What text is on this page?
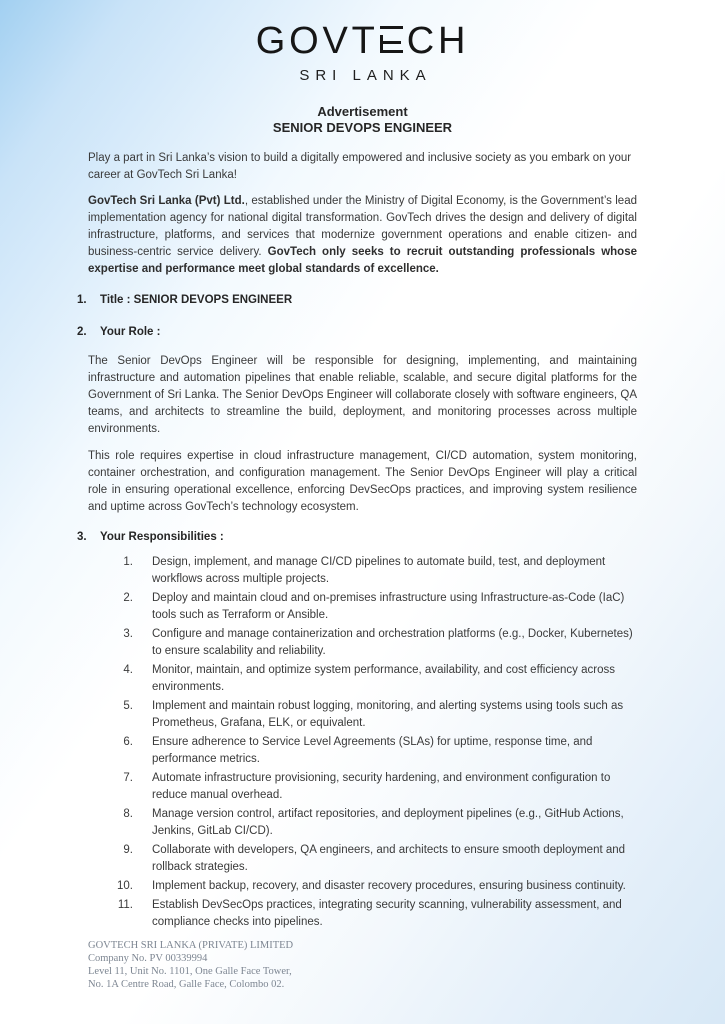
GOVT CH
SRI LANKA
Advertisement
SENIOR DEVOPS ENGINEER

Play a part in Sri Lanka’s vision to build a digitally empowered and inclusive society as you embark on your career at GovTech Sri Lanka!

GovTech Sri Lanka (Pvt) Ltd., established under the Ministry of Digital Economy, is the Government’s lead implementation agency for national digital transformation. GovTech drives the design and delivery of digital infrastructure, platforms, and services that modernize government operations and enable citizen- and business-centric service delivery. GovTech only seeks to recruit outstanding professionals whose expertise and performance meet global standards of excellence.

1.	Title : SENIOR DEVOPS ENGINEER
2.	Your Role :

The Senior DevOps Engineer will be responsible for designing, implementing, and maintaining infrastructure and automation pipelines that enable reliable, scalable, and secure digital platforms for the Government of Sri Lanka. The Senior DevOps Engineer will collaborate closely with software engineers, QA teams, and architects to streamline the build, deployment, and monitoring processes across multiple environments.

This role requires expertise in cloud infrastructure management, CI/CD automation, system monitoring, container orchestration, and configuration management. The Senior DevOps Engineer will play a critical role in ensuring operational excellence, enforcing DevSecOps practices, and improving system resilience and uptime across GovTech’s technology ecosystem.

3.	Your Responsibilities :
1. Design, implement, and manage CI/CD pipelines to automate build, test, and deployment workflows across multiple projects.
2. Deploy and maintain cloud and on-premises infrastructure using Infrastructure-as-Code (IaC) tools such as Terraform or Ansible.
3. Configure and manage containerization and orchestration platforms (e.g., Docker, Kubernetes) to ensure scalability and reliability.
4. Monitor, maintain, and optimize system performance, availability, and cost efficiency across environments.
5. Implement and maintain robust logging, monitoring, and alerting systems using tools such as Prometheus, Grafana, ELK, or equivalent.
6. Ensure adherence to Service Level Agreements (SLAs) for uptime, response time, and performance metrics.
7. Automate infrastructure provisioning, security hardening, and environment configuration to reduce manual overhead.
8. Manage version control, artifact repositories, and deployment pipelines (e.g., GitHub Actions, Jenkins, GitLab CI/CD).
9. Collaborate with developers, QA engineers, and architects to ensure smooth deployment and rollback strategies.
10. Implement backup, recovery, and disaster recovery procedures, ensuring business continuity.
11. Establish DevSecOps practices, integrating security scanning, vulnerability assessment, and compliance checks into pipelines.
GOVTECH SRI LANKA (PRIVATE) LIMITED
Company No. PV 00339994
Level 11, Unit No. 1101, One Galle Face Tower,
No. 1A Centre Road, Galle Face, Colombo 02.
